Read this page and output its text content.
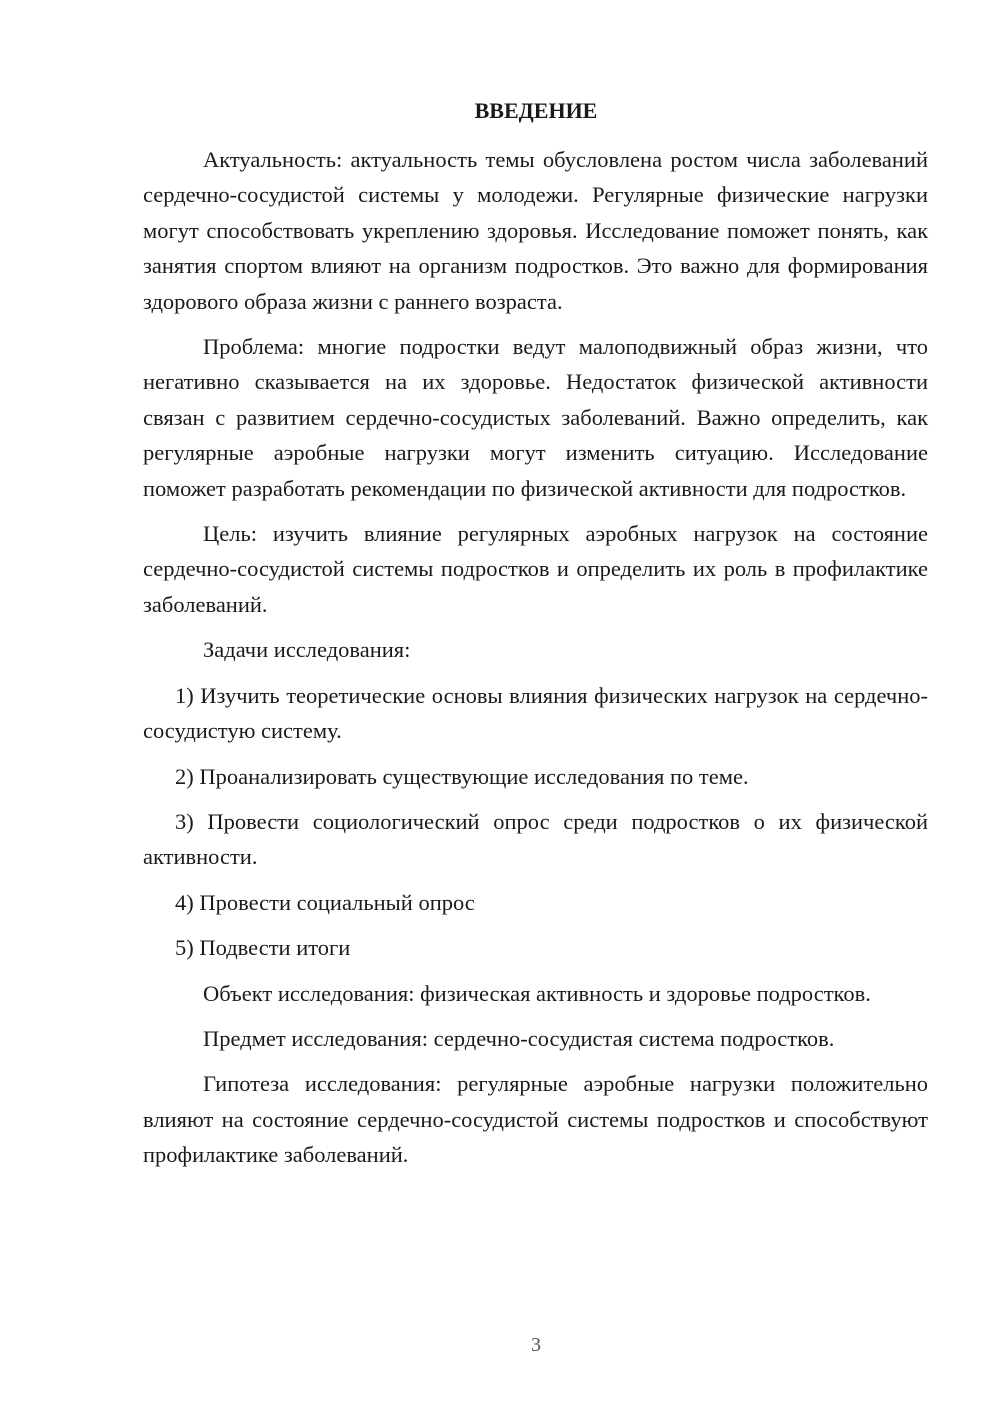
ВВЕДЕНИЕ

Актуальность: актуальность темы обусловлена ростом числа заболеваний сердечно-сосудистой системы у молодежи. Регулярные физические нагрузки могут способствовать укреплению здоровья. Исследование поможет понять, как занятия спортом влияют на организм подростков. Это важно для формирования здорового образа жизни с раннего возраста.

Проблема: многие подростки ведут малоподвижный образ жизни, что негативно сказывается на их здоровье. Недостаток физической активности связан с развитием сердечно-сосудистых заболеваний. Важно определить, как регулярные аэробные нагрузки могут изменить ситуацию. Исследование поможет разработать рекомендации по физической активности для подростков.

Цель: изучить влияние регулярных аэробных нагрузок на состояние сердечно-сосудистой системы подростков и определить их роль в профилактике заболеваний.

Задачи исследования:

1) Изучить теоретические основы влияния физических нагрузок на сердечно-сосудистую систему.

2) Проанализировать существующие исследования по теме.

3) Провести социологический опрос среди подростков о их физической активности.

4) Провести социальный опрос

5) Подвести итоги

Объект исследования: физическая активность и здоровье подростков.

Предмет исследования: сердечно-сосудистая система подростков.

Гипотеза исследования: регулярные аэробные нагрузки положительно влияют на состояние сердечно-сосудистой системы подростков и способствуют профилактике заболеваний.

3
